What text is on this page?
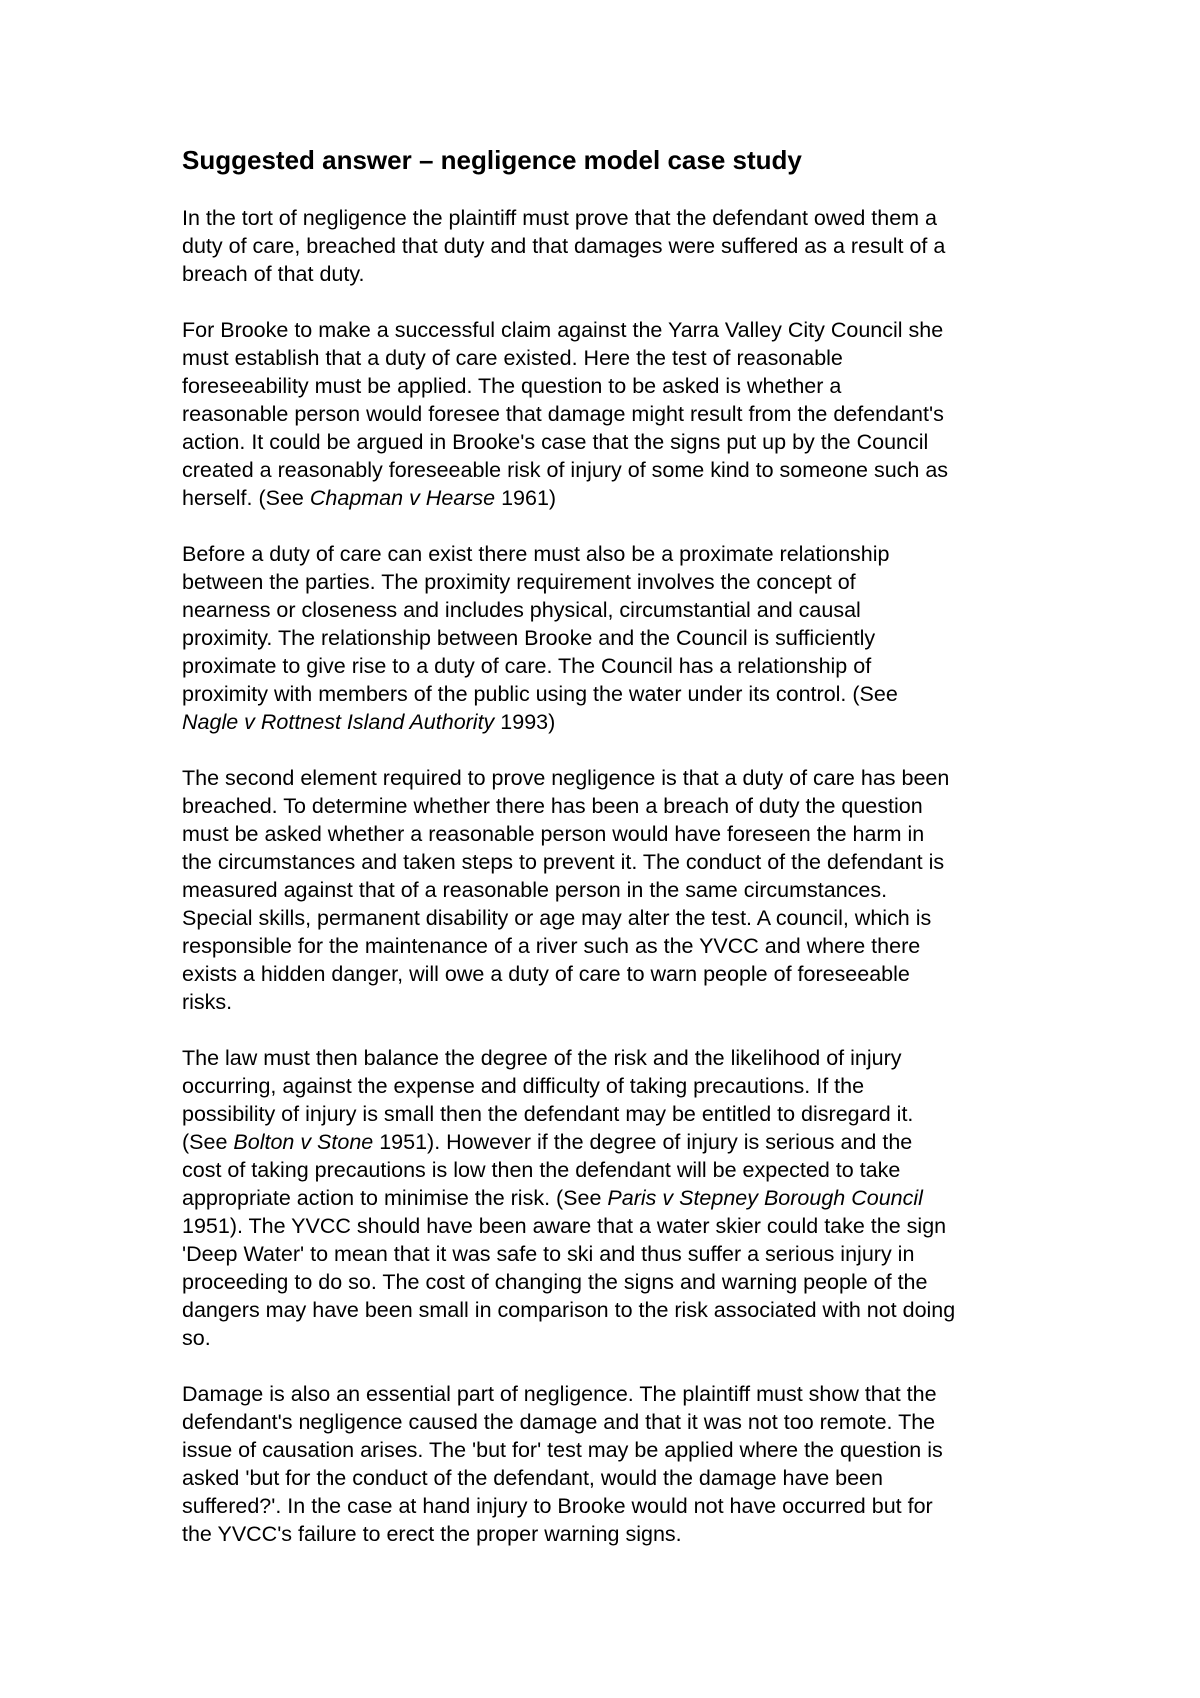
Suggested answer – negligence model case study
In the tort of negligence the plaintiff must prove that the defendant owed them a
duty of care, breached that duty and that damages were suffered as a result of a
breach of that duty.
For Brooke to make a successful claim against the Yarra Valley City Council she
must establish that a duty of care existed. Here the test of reasonable
foreseeability must be applied. The question to be asked is whether a
reasonable person would foresee that damage might result from the defendant's
action. It could be argued in Brooke's case that the signs put up by the Council
created a reasonably foreseeable risk of injury of some kind to someone such as
herself. (See Chapman v Hearse 1961)
Before a duty of care can exist there must also be a proximate relationship
between the parties. The proximity requirement involves the concept of
nearness or closeness and includes physical, circumstantial and causal
proximity. The relationship between Brooke and the Council is sufficiently
proximate to give rise to a duty of care. The Council has a relationship of
proximity with members of the public using the water under its control. (See
Nagle v Rottnest Island Authority 1993)
The second element required to prove negligence is that a duty of care has been
breached. To determine whether there has been a breach of duty the question
must be asked whether a reasonable person would have foreseen the harm in
the circumstances and taken steps to prevent it. The conduct of the defendant is
measured against that of a reasonable person in the same circumstances.
Special skills, permanent disability or age may alter the test. A council, which is
responsible for the maintenance of a river such as the YVCC and where there
exists a hidden danger, will owe a duty of care to warn people of foreseeable
risks.
The law must then balance the degree of the risk and the likelihood of injury
occurring, against the expense and difficulty of taking precautions. If the
possibility of injury is small then the defendant may be entitled to disregard it.
(See Bolton v Stone 1951). However if the degree of injury is serious and the
cost of taking precautions is low then the defendant will be expected to take
appropriate action to minimise the risk. (See Paris v Stepney Borough Council
1951). The YVCC should have been aware that a water skier could take the sign
'Deep Water' to mean that it was safe to ski and thus suffer a serious injury in
proceeding to do so. The cost of changing the signs and warning people of the
dangers may have been small in comparison to the risk associated with not doing
so.
Damage is also an essential part of negligence. The plaintiff must show that the
defendant's negligence caused the damage and that it was not too remote. The
issue of causation arises. The 'but for' test may be applied where the question is
asked 'but for the conduct of the defendant, would the damage have been
suffered?'. In the case at hand injury to Brooke would not have occurred but for
the YVCC's failure to erect the proper warning signs.
